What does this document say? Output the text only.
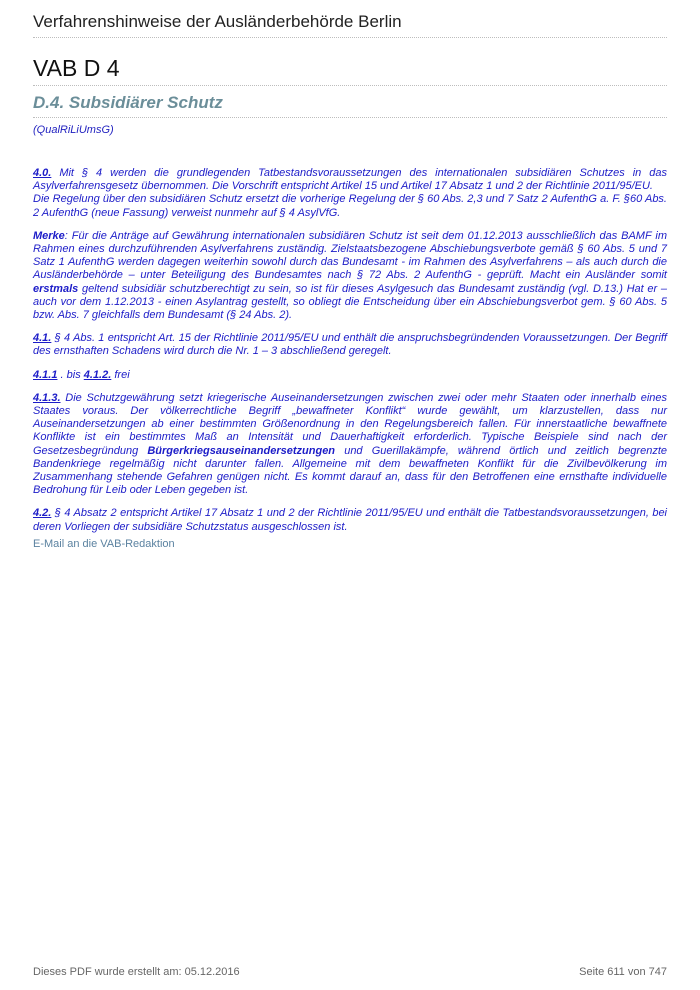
Verfahrenshinweise der Ausländerbehörde Berlin
VAB D 4
D.4. Subsidiärer Schutz
(QualRiLiUmsG)

4.0. Mit § 4 werden die grundlegenden Tatbestandsvoraussetzungen des internationalen subsidiären Schutzes in das Asylverfahrensgesetz übernommen. Die Vorschrift entspricht Artikel 15 und Artikel 17 Absatz 1 und 2 der Richtlinie 2011/95/EU.
Die Regelung über den subsidiären Schutz ersetzt die vorherige Regelung der § 60 Abs. 2,3 und 7 Satz 2 AufenthG a. F. §60 Abs. 2 AufenthG (neue Fassung) verweist nunmehr auf § 4 AsylVfG.

Merke: Für die Anträge auf Gewährung internationalen subsidiären Schutz ist seit dem 01.12.2013 ausschließlich das BAMF im Rahmen eines durchzuführenden Asylverfahrens zuständig. Zielstaatsbezogene Abschiebungsverbote gemäß § 60 Abs. 5 und 7 Satz 1 AufenthG werden dagegen weiterhin sowohl durch das Bundesamt - im Rahmen des Asylverfahrens – als auch durch die Ausländerbehörde – unter Beteiligung des Bundesamtes nach § 72 Abs. 2 AufenthG - geprüft. Macht ein Ausländer somit erstmals geltend subsidiär schutzberechtigt zu sein, so ist für dieses Asylgesuch das Bundesamt zuständig (vgl. D.13.) Hat er – auch vor dem 1.12.2013 - einen Asylantrag gestellt, so obliegt die Entscheidung über ein Abschiebungsverbot gem. § 60 Abs. 5 bzw. Abs. 7 gleichfalls dem Bundesamt (§ 24 Abs. 2).

4.1. § 4 Abs. 1 entspricht Art. 15 der Richtlinie 2011/95/EU und enthält die anspruchsbegründenden Voraussetzungen. Der Begriff des ernsthaften Schadens wird durch die Nr. 1 – 3 abschließend geregelt.

4.1.1 . bis 4.1.2. frei

4.1.3. Die Schutzgewährung setzt kriegerische Auseinandersetzungen zwischen zwei oder mehr Staaten oder innerhalb eines Staates voraus. Der völkerrechtliche Begriff „bewaffneter Konflikt“ wurde gewählt, um klarzustellen, dass nur Auseinandersetzungen ab einer bestimmten Größenordnung in den Regelungsbereich fallen. Für innerstaatliche bewaffnete Konflikte ist ein bestimmtes Maß an Intensität und Dauerhaftigkeit erforderlich. Typische Beispiele sind nach der Gesetzesbegründung Bürgerkriegsauseinandersetzungen und Guerillakämpfe, während örtlich und zeitlich begrenzte Bandenkriege regelmäßig nicht darunter fallen. Allgemeine mit dem bewaffneten Konflikt für die Zivilbevölkerung im Zusammenhang stehende Gefahren genügen nicht. Es kommt darauf an, dass für den Betroffenen eine ernsthafte individuelle Bedrohung für Leib oder Leben gegeben ist.

4.2. § 4 Absatz 2 entspricht Artikel 17 Absatz 1 und 2 der Richtlinie 2011/95/EU und enthält die Tatbestandsvoraussetzungen, bei deren Vorliegen der subsidiäre Schutzstatus ausgeschlossen ist.

E-Mail an die VAB-Redaktion
Dieses PDF wurde erstellt am: 05.12.2016	Seite 611 von 747
